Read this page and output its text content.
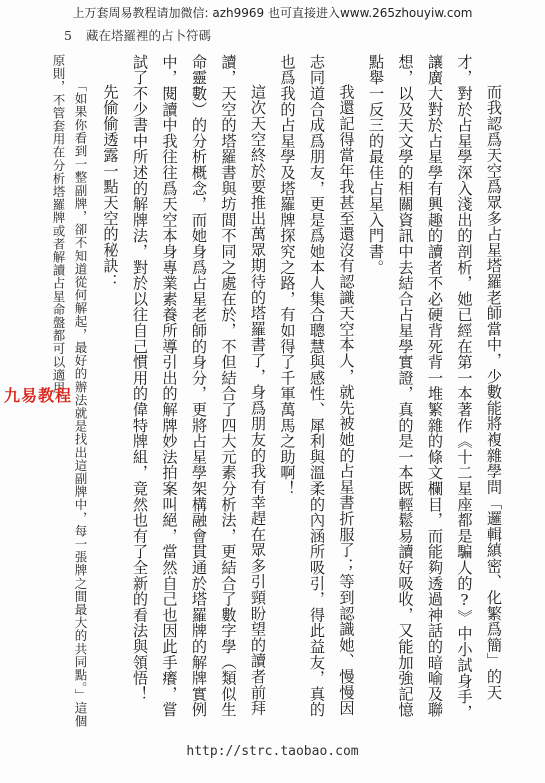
上万套周易教程请加微信: azh9969 也可直接进入www.265zhouyiw.com
5 藏在塔羅裡的占卜符碼

而我認爲天空爲眾多占星塔羅老師當中，少數能將複雜學問「邏輯縝密、化繁爲簡」的天才，對於占星學深入淺出的剖析，她已經在第一本著作《十二星座都是騙人的?》中小試身手，讓廣大對於占星學有興趣的讀者不必硬背死背一堆繁雜的條文欄目，而能夠透過神話的暗喻及聯想，以及天文學的相關資訊中去結合占星學實證，真的是一本既輕鬆易讀好吸收，又能加強記憶點舉一反三的最佳占星入門書。

我還記得當年我甚至還沒有認識天空本人，就先被她的占星書折服了；等到認識她、慢慢因志同道合成爲朋友，更是爲她本人集合聰慧與感性、犀利與溫柔的內涵所吸引，得此益友，真的也爲我的占星學及塔羅牌探究之路，有如得了千軍萬馬之助啊！

這次天空終於要推出萬眾期待的塔羅書了，身爲朋友的我有幸趕在眾多引頸盼望的讀者前拜讀，天空的塔羅書與坊間不同之處在於，不但結合了四大元素分析法，更結合了數字學（類似生命靈數）的分析概念，而她身爲占星老師的身分，更將占星學架構融會貫通於塔羅牌的解牌實例中，閱讀中我往往爲天空本身專業素養所導引出的解牌妙法拍案叫絕，當然自己也因此手癢，嘗試了不少書中所述的解牌法，對於以往自己慣用的偉特牌組，竟然也有了全新的看法與領悟！

先偷偷透露一點天空的秘訣：

「如果你看到一整副牌，卻不知道從何解起，最好的辦法就是找出這副牌中，每一張牌之間最大的共同點。」這個原則，不管套用在分析塔羅牌或者解讀占星命盤都可以適用。

九易教程
http://strc.taobao.com
